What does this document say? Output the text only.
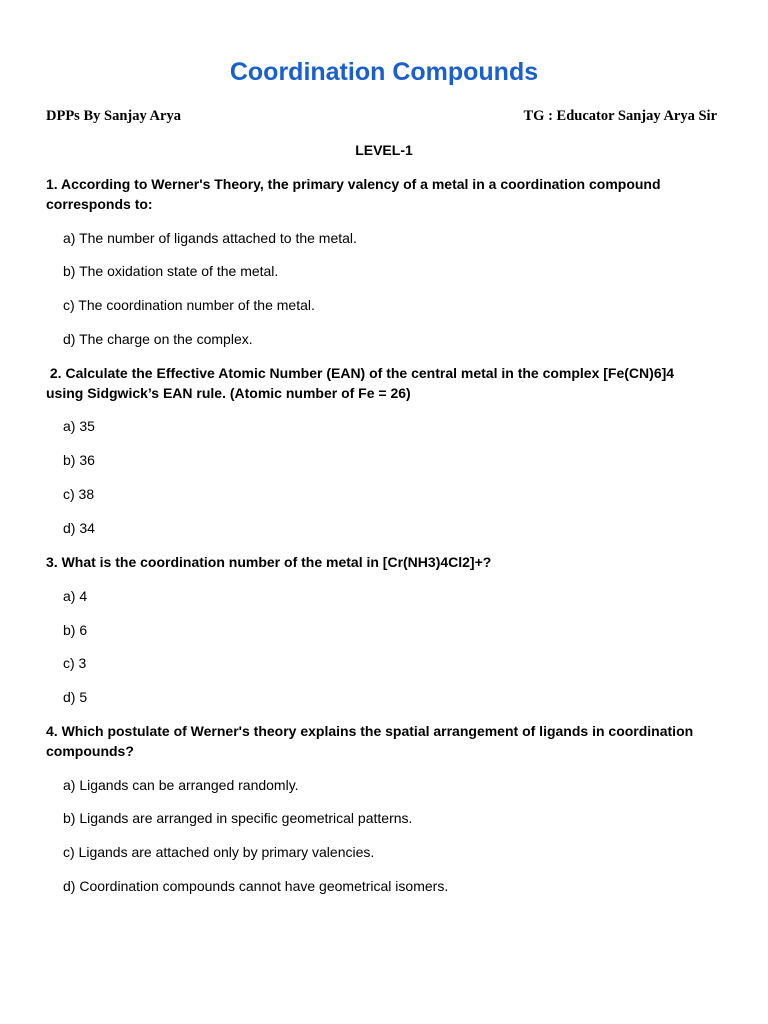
Coordination Compounds
DPPs By Sanjay Arya	TG : Educator Sanjay Arya Sir
LEVEL-1
1. According to Werner's Theory, the primary valency of a metal in a coordination compound corresponds to:
a) The number of ligands attached to the metal.
b) The oxidation state of the metal.
c) The coordination number of the metal.
d) The charge on the complex.
2. Calculate the Effective Atomic Number (EAN) of the central metal in the complex [Fe(CN)6]4 using Sidgwick’s EAN rule. (Atomic number of Fe = 26)
a) 35
b) 36
c) 38
d) 34
3. What is the coordination number of the metal in [Cr(NH3)4Cl2]+?
a) 4
b) 6
c) 3
d) 5
4. Which postulate of Werner's theory explains the spatial arrangement of ligands in coordination compounds?
a) Ligands can be arranged randomly.
b) Ligands are arranged in specific geometrical patterns.
c) Ligands are attached only by primary valencies.
d) Coordination compounds cannot have geometrical isomers.
